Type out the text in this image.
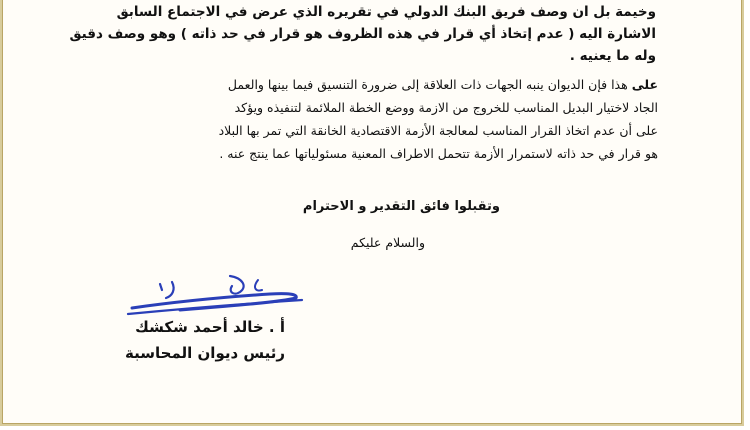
وخيمة بل ان وصف فريق البنك الدولي في تقريره الذي عرض في الاجتماع السابق
الاشارة اليه ( عدم إتخاذ أي قرار في هذه الظروف هو قرار في حد ذاته ) وهو وصف دقيق
وله ما يعنيه .
على هذا فإن الديوان ينبه الجهات ذات العلاقة إلى ضرورة التنسيق فيما بينها والعمل
الجاد لاختيار البديل المناسب للخروج من الازمة ووضع الخطة الملائمة لتنفيذه ويؤكد
على أن عدم اتخاذ القرار المناسب لمعالجة الأزمة الاقتصادية الخانقة التي تمر بها البلاد
هو قرار في حد ذاته لاستمرار الأزمة تتحمل الاطراف المعنية مسئولياتها عما ينتج عنه .
وتقبلوا فائق التقدير و الاحترام
والسلام عليكم
أ . خالد أحمد شكشك
رئيس ديوان المحاسبة
